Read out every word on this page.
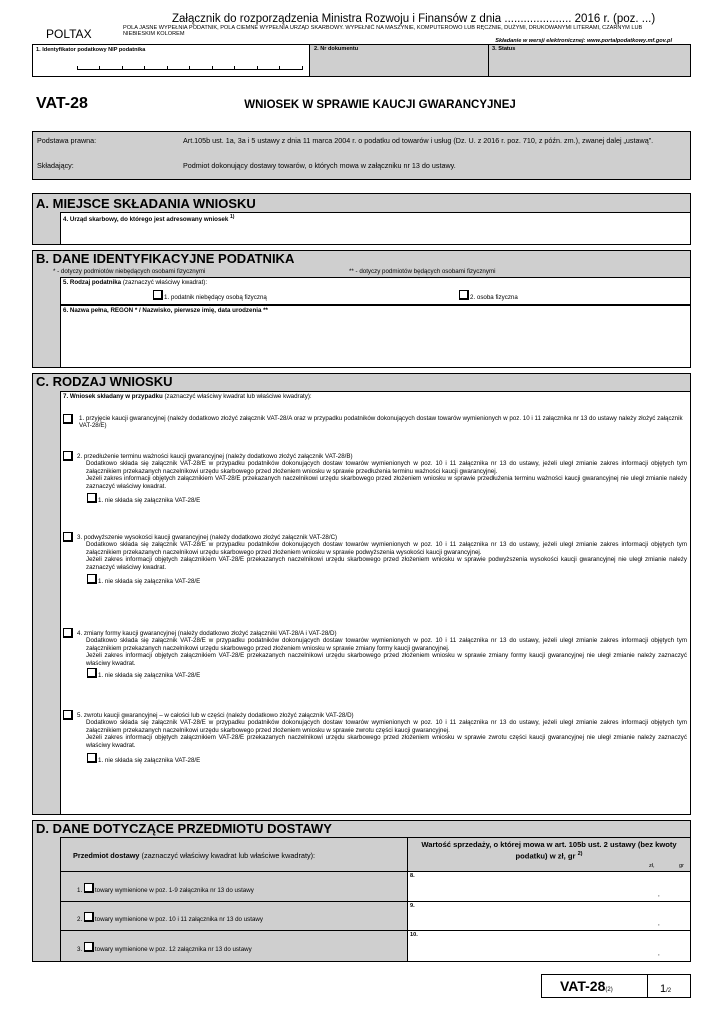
Załącznik do rozporządzenia Ministra Rozwoju i Finansów z dnia ..................... 2016 r. (poz. ...)
POLTAX	POLA JASNE WYPEŁNIA PODATNIK, POLA CIEMNE WYPEŁNIA URZĄD SKARBOWY. WYPEŁNIĆ NA MASZYNIE, KOMPUTEROWO LUB RĘCZNIE, DUŻYMI, DRUKOWANYMI LITERAMI, CZARNYM LUB NIEBIESKIM KOLOREM
Składanie w wersji elektronicznej: www.portalpodatkowy.mf.gov.pl
1. Identyfikator podatkowy NIP podatnika	2. Nr dokumentu	3. Status
VAT-28	WNIOSEK W SPRAWIE KAUCJI GWARANCYJNEJ
Podstawa prawna:	Art.105b ust. 1a, 3a i 5 ustawy z dnia 11 marca 2004 r. o podatku od towarów i usług (Dz. U. z 2016 r. poz. 710, z późn. zm.), zwanej dalej „ustawą”.
Składający:	Podmiot dokonujący dostawy towarów, o których mowa w załączniku nr 13 do ustawy.
A. MIEJSCE SKŁADANIA WNIOSKU
4. Urząd skarbowy, do którego jest adresowany wniosek $^{1)}$
B. DANE IDENTYFIKACYJNE PODATNIKA
* - dotyczy podmiotów niebędących osobami fizycznymi	** - dotyczy podmiotów będących osobami fizycznymi
5. Rodzaj podatnika (zaznaczyć właściwy kwadrat):
1. podatnik niebędący osobą fizyczną	2. osoba fizyczna
6. Nazwa pełna, REGON * / Nazwisko, pierwsze imię, data urodzenia **
C. RODZAJ WNIOSKU
7. Wniosek składany w przypadku (zaznaczyć właściwy kwadrat lub właściwe kwadraty):
1. przyjęcie kaucji gwarancyjnej (należy dodatkowo złożyć załącznik VAT-28/A oraz w przypadku podatników dokonujących dostaw towarów wymienionych w poz. 10 i 11 załącznika nr 13 do ustawy należy złożyć załącznik VAT-28/E)
2. przedłużenie terminu ważności kaucji gwarancyjnej (należy dodatkowo złożyć załącznik VAT-28/B)
Dodatkowo składa się załącznik VAT-28/E w przypadku podatników dokonujących dostaw towarów wymienionych w poz. 10 i 11 załącznika nr 13 do ustawy, jeżeli uległ zmianie zakres informacji objętych tym załącznikiem przekazanych naczelnikowi urzędu skarbowego przed złożeniem wniosku w sprawie przedłużenia terminu ważności kaucji gwarancyjnej.
Jeżeli zakres informacji objętych załącznikiem VAT-28/E przekazanych naczelnikowi urzędu skarbowego przed złożeniem wniosku w sprawie przedłużenia terminu ważności kaucji gwarancyjnej nie uległ zmianie należy zaznaczyć właściwy kwadrat.
1. nie składa się załącznika VAT-28/E
3. podwyższenie wysokości kaucji gwarancyjnej (należy dodatkowo złożyć załącznik VAT-28/C)
Dodatkowo składa się załącznik VAT-28/E w przypadku podatników dokonujących dostaw towarów wymienionych w poz. 10 i 11 załącznika nr 13 do ustawy, jeżeli uległ zmianie zakres informacji objętych tym załącznikiem przekazanych naczelnikowi urzędu skarbowego przed złożeniem wniosku w sprawie podwyższenia wysokości kaucji gwarancyjnej.
Jeżeli zakres informacji objętych załącznikiem VAT-28/E przekazanych naczelnikowi urzędu skarbowego przed złożeniem wniosku w sprawie podwyższenia wysokości kaucji gwarancyjnej nie uległ zmianie należy zaznaczyć właściwy kwadrat.
1. nie składa się załącznika VAT-28/E
4. zmiany formy kaucji gwarancyjnej (należy dodatkowo złożyć załączniki VAT-28/A i VAT-28/D)
Dodatkowo składa się załącznik VAT-28/E w przypadku podatników dokonujących dostaw towarów wymienionych w poz. 10 i 11 załącznika nr 13 do ustawy, jeżeli uległ zmianie zakres informacji objętych tym załącznikiem przekazanych naczelnikowi urzędu skarbowego przed złożeniem wniosku w sprawie zmiany formy kaucji gwarancyjnej.
Jeżeli zakres informacji objętych załącznikiem VAT-28/E przekazanych naczelnikowi urzędu skarbowego przed złożeniem wniosku w sprawie zmiany formy kaucji gwarancyjnej nie uległ zmianie należy zaznaczyć właściwy kwadrat.
1. nie składa się załącznika VAT-28/E
5. zwrotu kaucji gwarancyjnej – w całości lub w części (należy dodatkowo złożyć załącznik VAT-28/D)
Dodatkowo składa się załącznik VAT-28/E w przypadku podatników dokonujących dostaw towarów wymienionych w poz. 10 i 11 załącznika nr 13 do ustawy, jeżeli uległ zmianie zakres informacji objętych tym załącznikiem przekazanych naczelnikowi urzędu skarbowego przed złożeniem wniosku w sprawie zwrotu części kaucji gwarancyjnej.
Jeżeli zakres informacji objętych załącznikiem VAT-28/E przekazanych naczelnikowi urzędu skarbowego przed złożeniem wniosku w sprawie zwrotu części kaucji gwarancyjnej nie uległ zmianie należy zaznaczyć właściwy kwadrat.
1. nie składa się załącznika VAT-28/E
D. DANE DOTYCZĄCE PRZEDMIOTU DOSTAWY
Przedmiot dostawy (zaznaczyć właściwy kwadrat lub właściwe kwadraty):
Wartość sprzedaży, o której mowa w art. 105b ust. 2 ustawy (bez kwoty podatku) w zł, gr $^{2)}$
zł,	gr
1. towary wymienione w poz. 1-9 załącznika nr 13 do ustawy
8.
,
2. towary wymienione w poz. 10 i 11 załącznika nr 13 do ustawy
9.
,
3. towary wymienione w poz. 12 załącznika nr 13 do ustawy
10.
,
VAT-28(2)	1/2
